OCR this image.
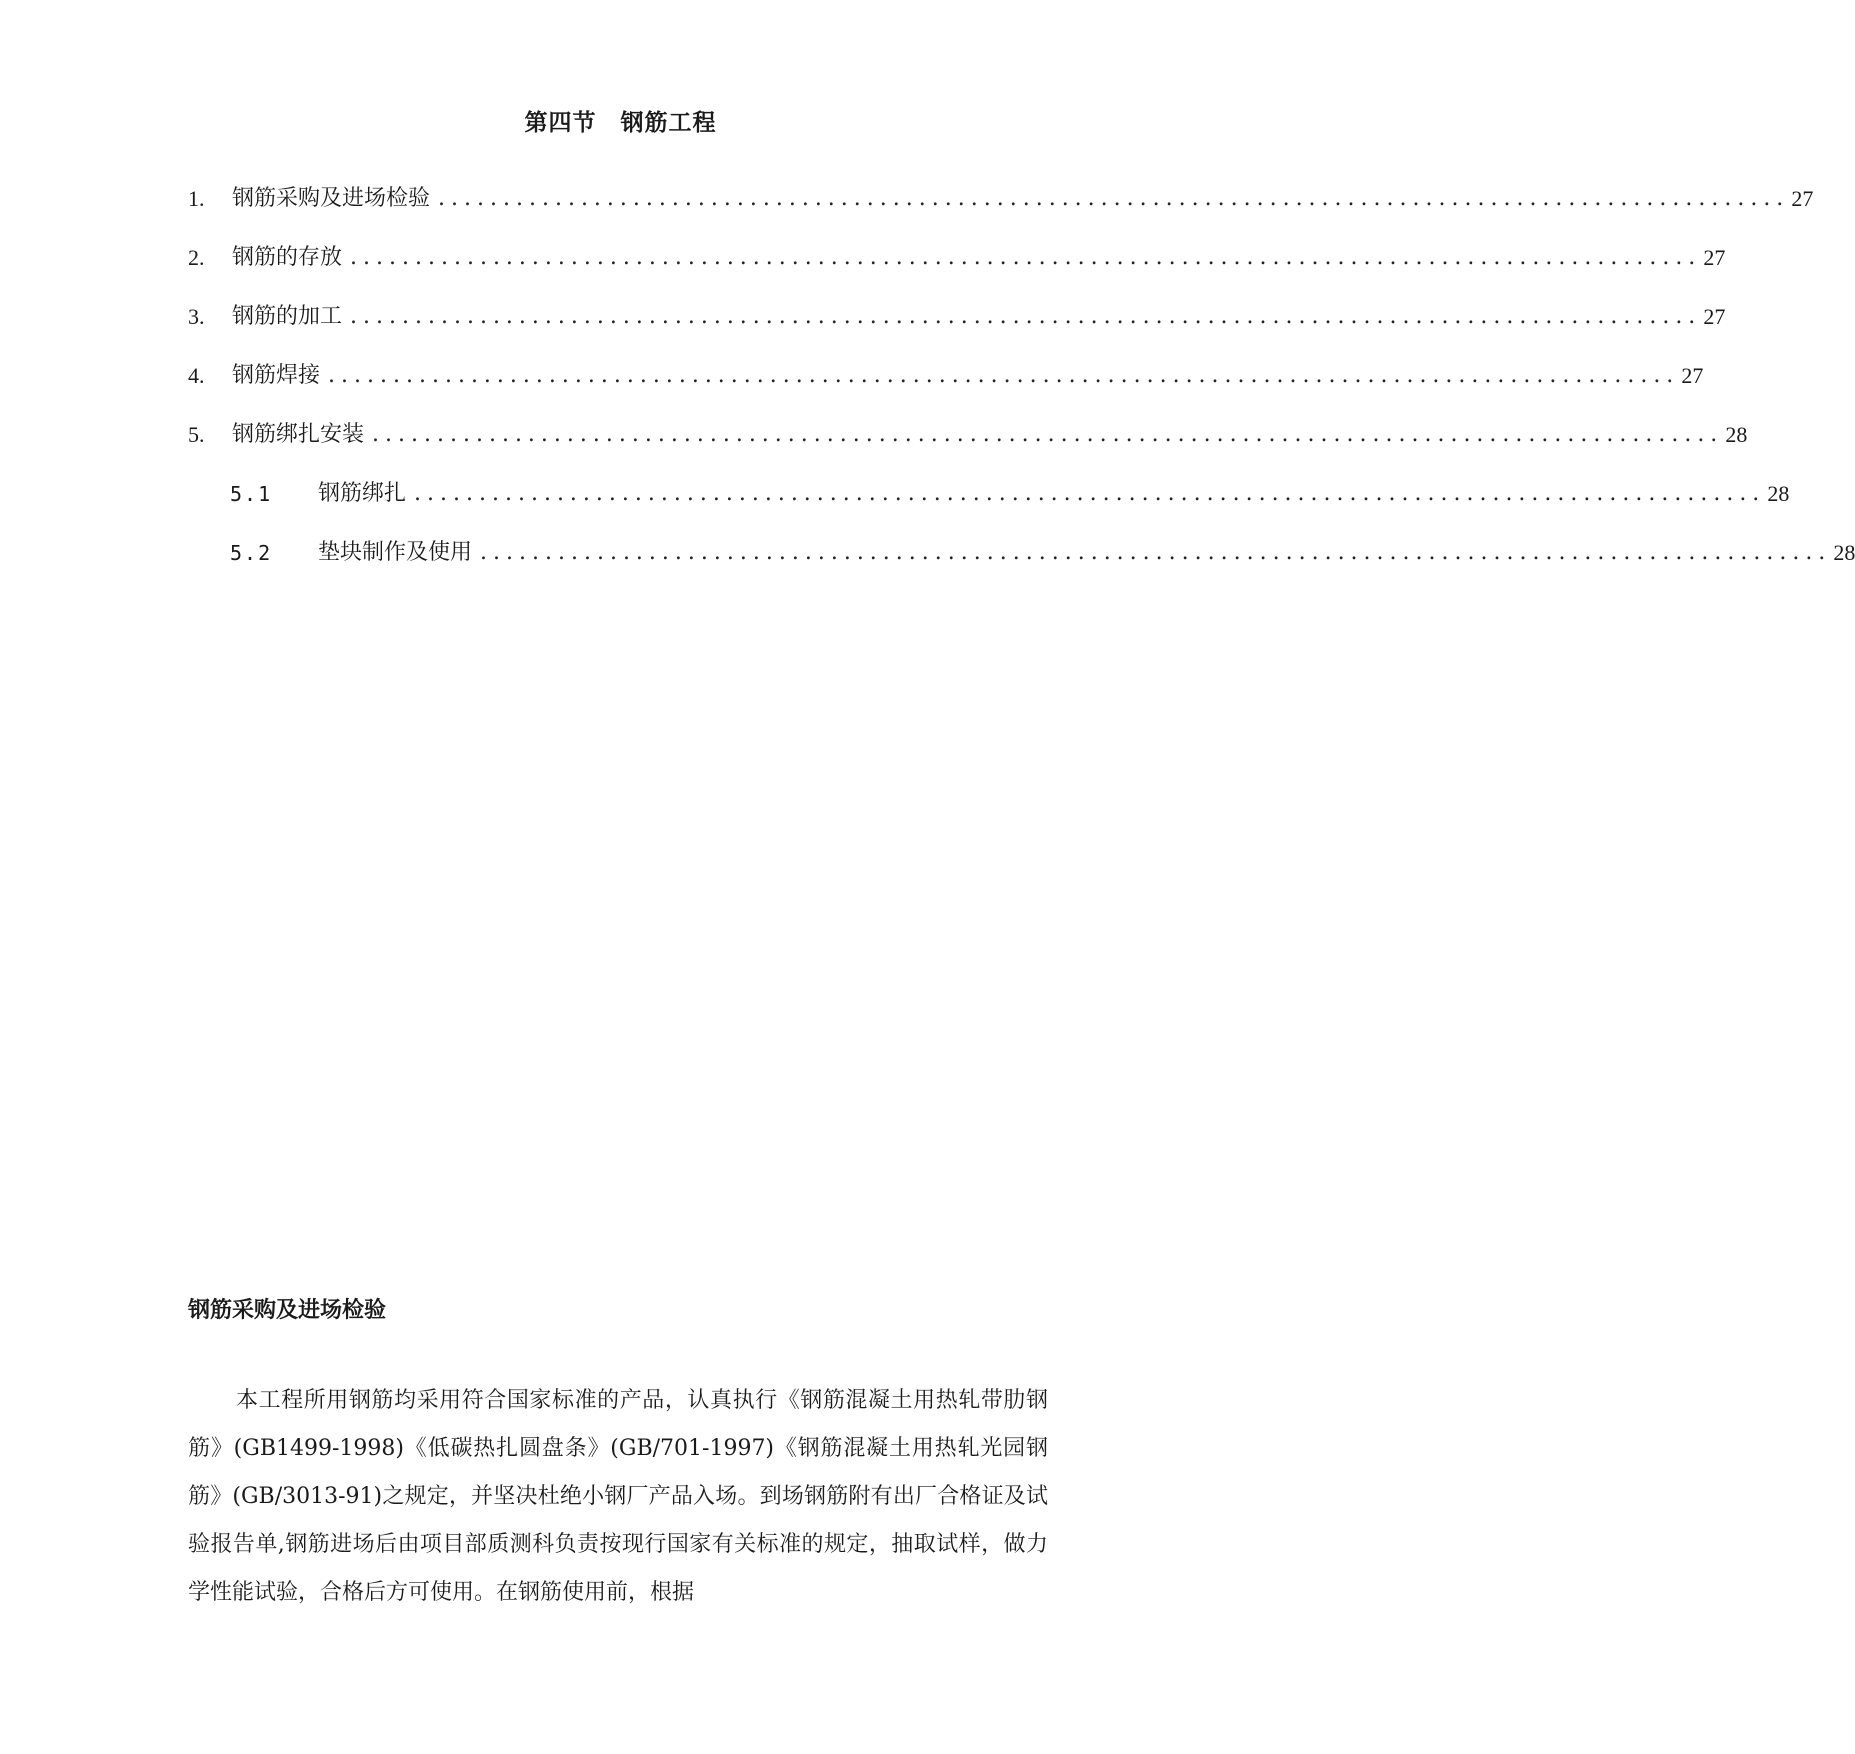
第四节　钢筋工程
1.	钢筋采购及进场检验 ........................................................................................................ 27
2.	钢筋的存放 ........................................................................................................ 27
3.	钢筋的加工 ........................................................................................................ 27
4.	钢筋焊接 ........................................................................................................ 27
5.	钢筋绑扎安装 ........................................................................................................ 28
5.1	钢筋绑扎 ........................................................................................................ 28
5.2	垫块制作及使用 ........................................................................................................ 28
钢筋采购及进场检验

本工程所用钢筋均采用符合国家标准的产品，认真执行《钢筋混凝土用热轧带肋钢筋》(GB1499-1998)《低碳热扎圆盘条》(GB/701-1997)《钢筋混凝土用热轧光园钢筋》(GB/3013-91)之规定，并坚决杜绝小钢厂产品入场。到场钢筋附有出厂合格证及试验报告单,钢筋进场后由项目部质测科负责按现行国家有关标准的规定，抽取试样，做力学性能试验，合格后方可使用。在钢筋使用前，根据
